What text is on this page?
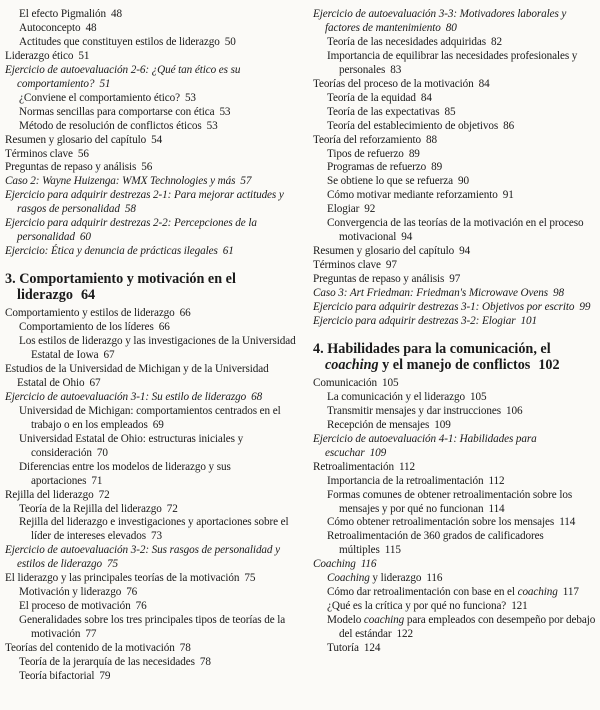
El efecto Pigmalión 48
Autoconcepto 48
Actitudes que constituyen estilos de liderazgo 50
Liderazgo ético 51
Ejercicio de autoevaluación 2-6: ¿Qué tan ético es su comportamiento? 51
¿Conviene el comportamiento ético? 53
Normas sencillas para comportarse con ética 53
Método de resolución de conflictos éticos 53
Resumen y glosario del capítulo 54
Términos clave 56
Preguntas de repaso y análisis 56
Caso 2: Wayne Huizenga: WMX Technologies y más 57
Ejercicio para adquirir destrezas 2-1: Para mejorar actitudes y rasgos de personalidad 58
Ejercicio para adquirir destrezas 2-2: Percepciones de la personalidad 60
Ejercicio: Ética y denuncia de prácticas ilegales 61
3. Comportamiento y motivación en el liderazgo 64
Comportamiento y estilos de liderazgo 66
Comportamiento de los líderes 66
Los estilos de liderazgo y las investigaciones de la Universidad Estatal de Iowa 67
Estudios de la Universidad de Michigan y de la Universidad Estatal de Ohio 67
Ejercicio de autoevaluación 3-1: Su estilo de liderazgo 68
Universidad de Michigan: comportamientos centrados en el trabajo o en los empleados 69
Universidad Estatal de Ohio: estructuras iniciales y consideración 70
Diferencias entre los modelos de liderazgo y sus aportaciones 71
Rejilla del liderazgo 72
Teoría de la Rejilla del liderazgo 72
Rejilla del liderazgo e investigaciones y aportaciones sobre el líder de intereses elevados 73
Ejercicio de autoevaluación 3-2: Sus rasgos de personalidad y estilos de liderazgo 75
El liderazgo y las principales teorías de la motivación 75
Motivación y liderazgo 76
El proceso de motivación 76
Generalidades sobre los tres principales tipos de teorías de la motivación 77
Teorías del contenido de la motivación 78
Teoría de la jerarquía de las necesidades 78
Teoría bifactorial 79
Ejercicio de autoevaluación 3-3: Motivadores laborales y factores de mantenimiento 80
Teoría de las necesidades adquiridas 82
Importancia de equilibrar las necesidades profesionales y personales 83
Teorías del proceso de la motivación 84
Teoría de la equidad 84
Teoría de las expectativas 85
Teoría del establecimiento de objetivos 86
Teoría del reforzamiento 88
Tipos de refuerzo 89
Programas de refuerzo 89
Se obtiene lo que se refuerza 90
Cómo motivar mediante reforzamiento 91
Elogiar 92
Convergencia de las teorías de la motivación en el proceso motivacional 94
Resumen y glosario del capítulo 94
Términos clave 97
Preguntas de repaso y análisis 97
Caso 3: Art Friedman: Friedman's Microwave Ovens 98
Ejercicio para adquirir destrezas 3-1: Objetivos por escrito 99
Ejercicio para adquirir destrezas 3-2: Elogiar 101
4. Habilidades para la comunicación, el coaching y el manejo de conflictos 102
Comunicación 105
La comunicación y el liderazgo 105
Transmitir mensajes y dar instrucciones 106
Recepción de mensajes 109
Ejercicio de autoevaluación 4-1: Habilidades para escuchar 109
Retroalimentación 112
Importancia de la retroalimentación 112
Formas comunes de obtener retroalimentación sobre los mensajes y por qué no funcionan 114
Cómo obtener retroalimentación sobre los mensajes 114
Retroalimentación de 360 grados de calificadores múltiples 115
Coaching 116
Coaching y liderazgo 116
Cómo dar retroalimentación con base en el coaching 117
¿Qué es la crítica y por qué no funciona? 121
Modelo coaching para empleados con desempeño por debajo del estándar 122
Tutoría 124
